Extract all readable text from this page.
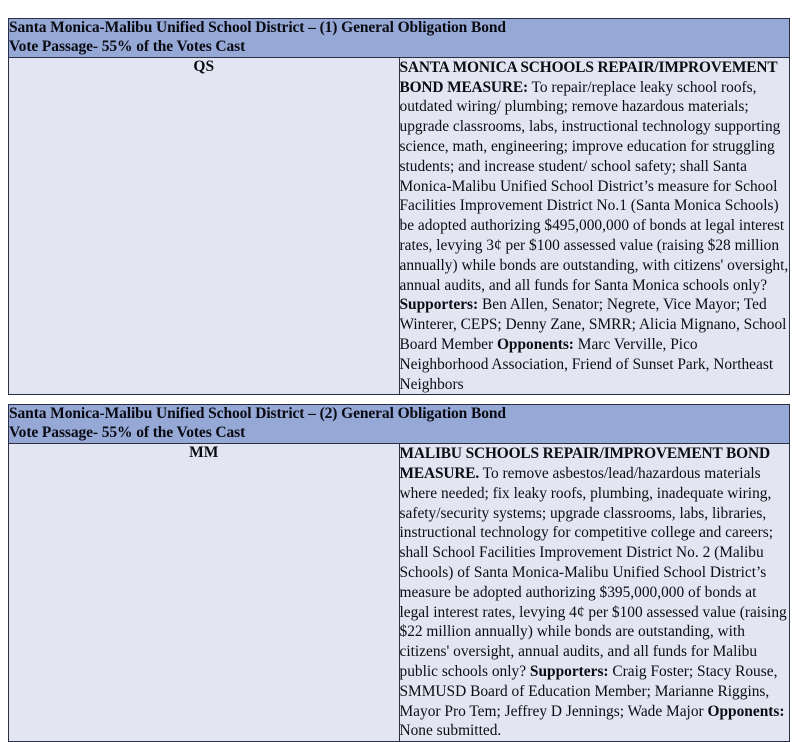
Santa Monica-Malibu Unified School District – (1) General Obligation Bond
Vote Passage- 55% of the Votes Cast

QS	SANTA MONICA SCHOOLS REPAIR/IMPROVEMENT BOND MEASURE: To repair/replace leaky school roofs, outdated wiring/ plumbing; remove hazardous materials; upgrade classrooms, labs, instructional technology supporting science, math, engineering; improve education for struggling students; and increase student/ school safety; shall Santa Monica-Malibu Unified School District’s measure for School Facilities Improvement District No.1 (Santa Monica Schools) be adopted authorizing $495,000,000 of bonds at legal interest rates, levying 3¢ per $100 assessed value (raising $28 million annually) while bonds are outstanding, with citizens' oversight, annual audits, and all funds for Santa Monica schools only? Supporters: Ben Allen, Senator; Negrete, Vice Mayor; Ted Winterer, CEPS; Denny Zane, SMRR; Alicia Mignano, School Board Member Opponents: Marc Verville, Pico Neighborhood Association, Friend of Sunset Park, Northeast Neighbors

Santa Monica-Malibu Unified School District – (2) General Obligation Bond
Vote Passage- 55% of the Votes Cast

MM	MALIBU SCHOOLS REPAIR/IMPROVEMENT BOND MEASURE. To remove asbestos/lead/hazardous materials where needed; fix leaky roofs, plumbing, inadequate wiring, safety/security systems; upgrade classrooms, labs, libraries, instructional technology for competitive college and careers; shall School Facilities Improvement District No. 2 (Malibu Schools) of Santa Monica-Malibu Unified School District’s measure be adopted authorizing $395,000,000 of bonds at legal interest rates, levying 4¢ per $100 assessed value (raising $22 million annually) while bonds are outstanding, with citizens' oversight, annual audits, and all funds for Malibu public schools only? Supporters: Craig Foster; Stacy Rouse, SMMUSD Board of Education Member; Marianne Riggins, Mayor Pro Tem; Jeffrey D Jennings; Wade Major Opponents: None submitted.
